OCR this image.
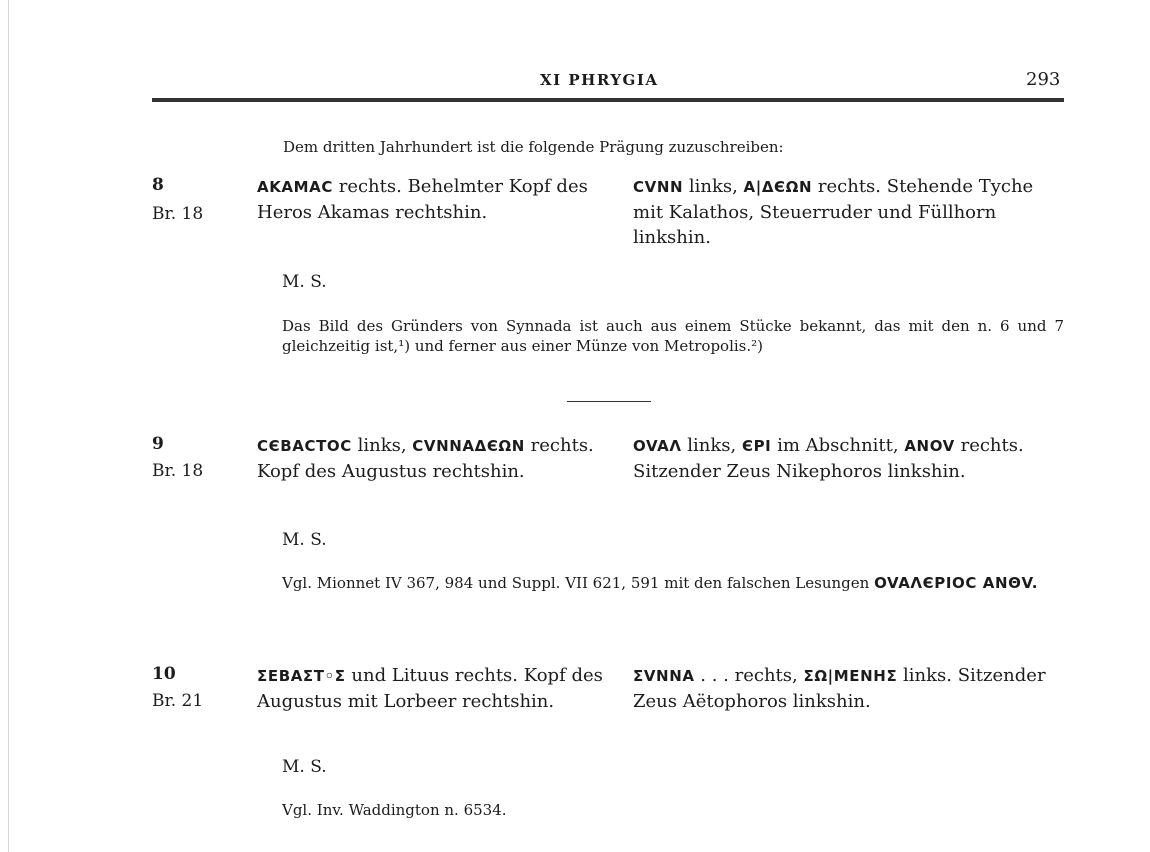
XI PHRYGIA	293
Dem dritten Jahrhundert ist die folgende Prägung zuzuschreiben:
8
Br. 18
AKAMAC rechts. Behelmter Kopf des Heros Akamas rechtshin.
CVNN links, A|ΔЄΩN rechts. Stehende Tyche mit Kalathos, Steuerruder und Füllhorn linkshin.
M. S.
Das Bild des Gründers von Synnada ist auch aus einem Stücke bekannt, das mit den n. 6 und 7 gleichzeitig ist,¹) und ferner aus einer Münze von Metropolis.²)
9
Br. 18
CЄBACTOC links, CVNNAΔЄΩN rechts. Kopf des Augustus rechtshin.
OVAΛ links, ЄPI im Abschnitt, ANOV rechts. Sitzender Zeus Nikephoros linkshin.
M. S.
Vgl. Mionnet IV 367, 984 und Suppl. VII 621, 591 mit den falschen Lesungen OVAΛЄPIOC ANΘV.
10
Br. 21
ΣΕΒΑΣΤ◦Σ und Lituus rechts. Kopf des Augustus mit Lorbeer rechtshin.
ΣVNNA . . . rechts, ΣΩ|MENHΣ links. Sitzender Zeus Aëtophoros linkshin.
M. S.
Vgl. Inv. Waddington n. 6534.
